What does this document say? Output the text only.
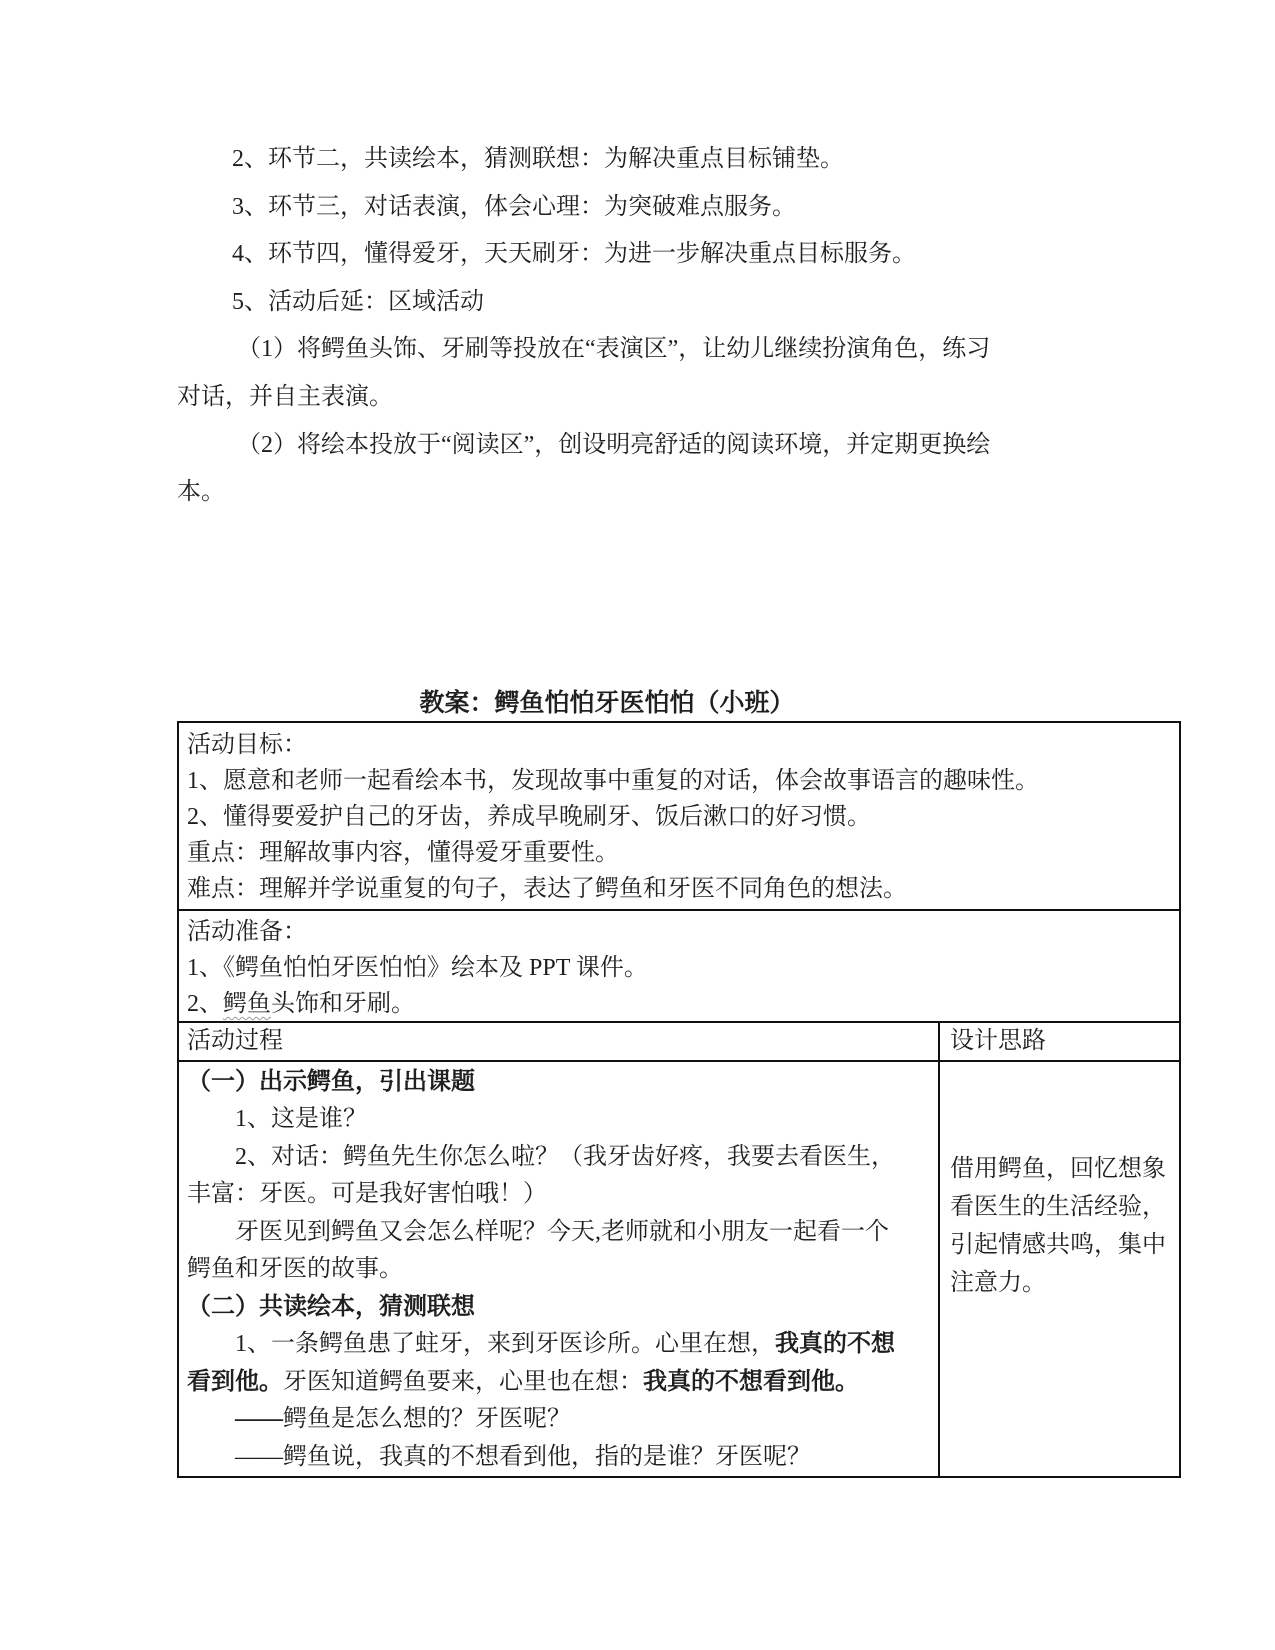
2、环节二，共读绘本，猜测联想：为解决重点目标铺垫。

3、环节三，对话表演，体会心理：为突破难点服务。

4、环节四，懂得爱牙，天天刷牙：为进一步解决重点目标服务。

5、活动后延：区域活动

（1）将鳄鱼头饰、牙刷等投放在“表演区”，让幼儿继续扮演角色，练习

对话，并自主表演。

（2）将绘本投放于“阅读区”，创设明亮舒适的阅读环境，并定期更换绘

本。

教案：鳄鱼怕怕牙医怕怕（小班）

活动目标：

1、愿意和老师一起看绘本书，发现故事中重复的对话，体会故事语言的趣味性。

2、懂得要爱护自己的牙齿，养成早晚刷牙、饭后漱口的好习惯。

重点：理解故事内容，懂得爱牙重要性。

难点：理解并学说重复的句子，表达了鳄鱼和牙医不同角色的想法。

活动准备：

1、《鳄鱼怕怕牙医怕怕》绘本及 PPT 课件。

2、鳄鱼头饰和牙刷。

活动过程	设计思路

（一）出示鳄鱼，引出课题

1、这是谁？

2、对话：鳄鱼先生你怎么啦？（我牙齿好疼，我要去看医生，

丰富：牙医。可是我好害怕哦！）

牙医见到鳄鱼又会怎么样呢？今天,老师就和小朋友一起看一个

鳄鱼和牙医的故事。

（二）共读绘本，猜测联想

1、一条鳄鱼患了蛀牙，来到牙医诊所。心里在想，我真的不想

看到他。牙医知道鳄鱼要来，心里也在想：我真的不想看到他。

——鳄鱼是怎么想的？牙医呢？

——鳄鱼说，我真的不想看到他，指的是谁？牙医呢？

借用鳄鱼，回忆想象

看医生的生活经验，

引起情感共鸣，集中

注意力。
